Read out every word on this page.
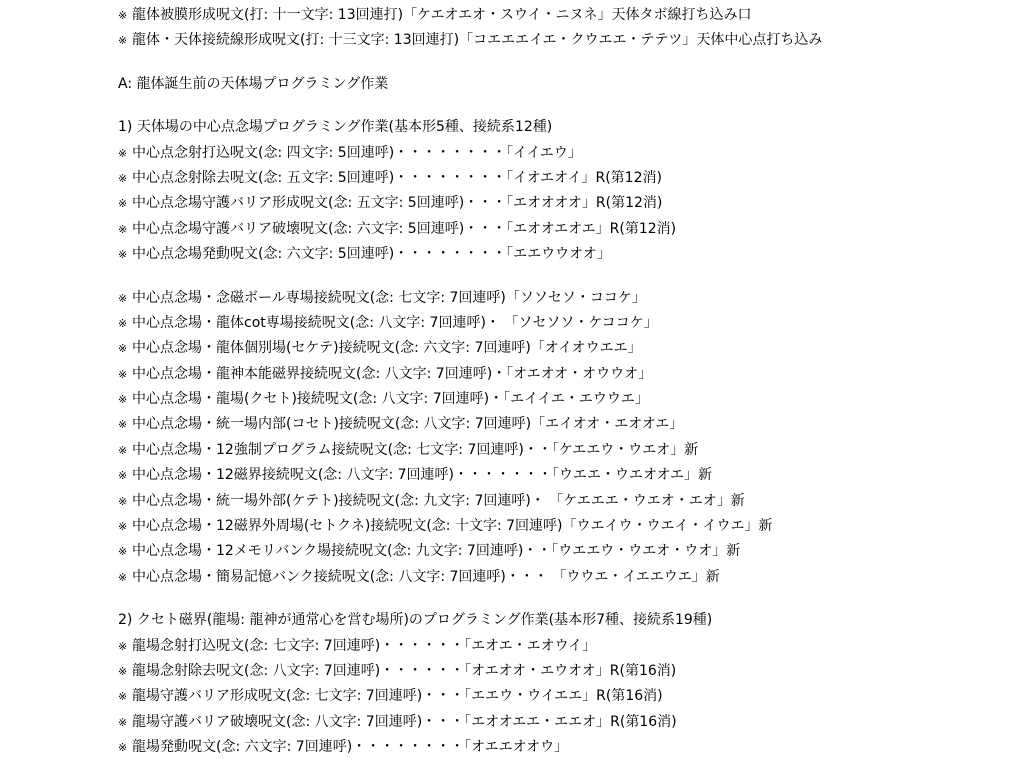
※ 龍体被膜形成呪文(打: 十一文字: 13回連打)「ケエオエオ・スウイ・ニヌネ」天体タボ線打ち込み口
※ 龍体・天体接続線形成呪文(打: 十三文字: 13回連打)「コエエエイエ・クウエエ・テテツ」天体中心点打ち込み
A: 龍体誕生前の天体場プログラミング作業
1) 天体場の中心点念場プログラミング作業(基本形5種、接続系12種)
※ 中心点念射打込呪文(念: 四文字: 5回連呼)・・・・・・・・「イイエウ」
※ 中心点念射除去呪文(念: 五文字: 5回連呼)・・・・・・・・「イオエオイ」R(第12消)
※ 中心点念場守護バリア形成呪文(念: 五文字: 5回連呼)・・・「エオオオオ」R(第12消)
※ 中心点念場守護バリア破壊呪文(念: 六文字: 5回連呼)・・・「エオオエオエ」R(第12消)
※ 中心点念場発動呪文(念: 六文字: 5回連呼)・・・・・・・・「エエウウオオ」
※ 中心点念場・念磁ボール専場接続呪文(念: 七文字: 7回連呼)「ソソセソ・ココケ」
※ 中心点念場・龍体cot専場接続呪文(念: 八文字: 7回連呼)・ 「ソセソソ・ケココケ」
※ 中心点念場・龍体個別場(セケテ)接続呪文(念: 六文字: 7回連呼)「オイオウエエ」
※ 中心点念場・龍神本能磁界接続呪文(念: 八文字: 7回連呼)・「オエオオ・オウウオ」
※ 中心点念場・龍場(クセト)接続呪文(念: 八文字: 7回連呼)・「エイイエ・エウウエ」
※ 中心点念場・統一場内部(コセト)接続呪文(念: 八文字: 7回連呼)「エイオオ・エオオエ」
※ 中心点念場・12強制プログラム接続呪文(念: 七文字: 7回連呼)・・「ケエエウ・ウエオ」新
※ 中心点念場・12磁界接続呪文(念: 八文字: 7回連呼)・・・・・・・「ウエエ・ウエオオエ」新
※ 中心点念場・統一場外部(ケテト)接続呪文(念: 九文字: 7回連呼)・ 「ケエエエ・ウエオ・エオ」新
※ 中心点念場・12磁界外周場(セトクネ)接続呪文(念: 十文字: 7回連呼)「ウエイウ・ウエイ・イウエ」新
※ 中心点念場・12メモリバンク場接続呪文(念: 九文字: 7回連呼)・・「ウエエウ・ウエオ・ウオ」新
※ 中心点念場・簡易記憶バンク接続呪文(念: 八文字: 7回連呼)・・・ 「ウウエ・イエエウエ」新
2) クセト磁界(龍場: 龍神が通常心を営む場所)のプログラミング作業(基本形7種、接続系19種)
※ 龍場念射打込呪文(念: 七文字: 7回連呼)・・・・・・「エオエ・エオウイ」
※ 龍場念射除去呪文(念: 八文字: 7回連呼)・・・・・・「オエオオ・エウオオ」R(第16消)
※ 龍場守護バリア形成呪文(念: 七文字: 7回連呼)・・・「エエウ・ウイエエ」R(第16消)
※ 龍場守護バリア破壊呪文(念: 八文字: 7回連呼)・・・「エオオエエ・エエオ」R(第16消)
※ 龍場発動呪文(念: 六文字: 7回連呼)・・・・・・・・「オエエオオウ」
